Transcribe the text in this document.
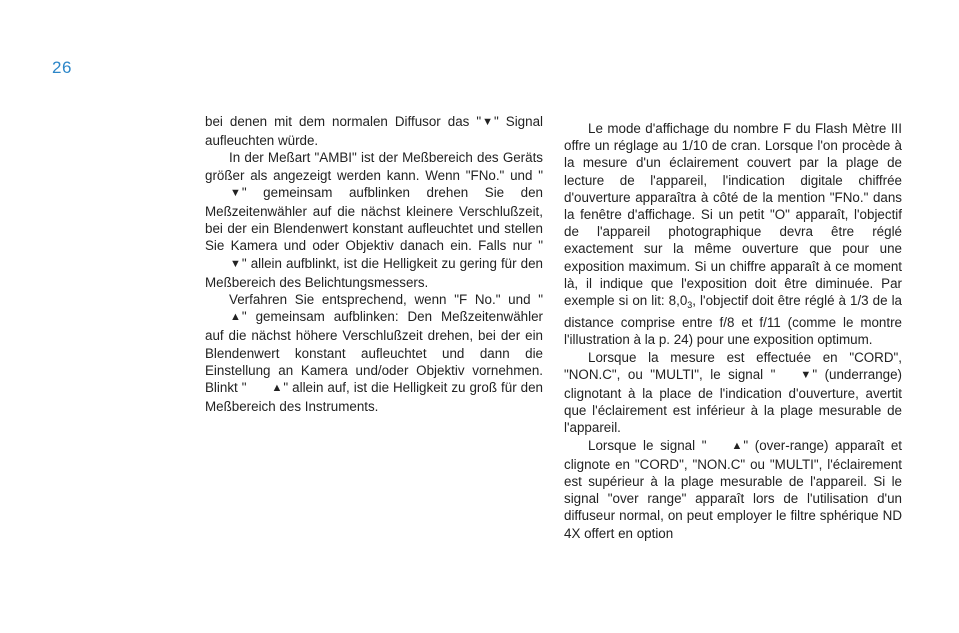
26

bei denen mit dem normalen Diffusor das "▼" Signal aufleuchten würde.

In der Meßart "AMBI" ist der Meßbereich des Geräts größer als angezeigt werden kann. Wenn "FNo." und "▼" gemeinsam aufblinken drehen Sie den Meßzeitenwähler auf die nächst kleinere Verschlußzeit, bei der ein Blendenwert konstant aufleuchtet und stellen Sie Kamera und oder Objektiv danach ein. Falls nur "▼" allein aufblinkt, ist die Helligkeit zu gering für den Meßbereich des Belichtungsmessers.

Verfahren Sie entsprechend, wenn "F No." und "▲" gemeinsam aufblinken: Den Meßzeitenwähler auf die nächst höhere Verschlußzeit drehen, bei der ein Blendenwert konstant aufleuchtet und dann die Einstellung an Kamera und/oder Objektiv vornehmen. Blinkt " ▲" allein auf, ist die Helligkeit zu groß für den Meßbereich des Instruments.

Le mode d'affichage du nombre F du Flash Mètre III offre un réglage au 1/10 de cran. Lorsque l'on procède à la mesure d'un éclairement couvert par la plage de lecture de l'appareil, l'indication digitale chiffrée d'ouverture apparaîtra à côté de la mention "FNo." dans la fenêtre d'affichage. Si un petit "O" apparaît, l'objectif de l'appareil photographique devra être réglé exactement sur la même ouverture que pour une exposition maximum. Si un chiffre apparaît à ce moment là, il indique que l'exposition doit être diminuée. Par exemple si on lit: $8,0_3$, l'objectif doit être réglé à 1/3 de la distance comprise entre f/8 et f/11 (comme le montre l'illustration à la p. 24) pour une exposition optimum.

Lorsque la mesure est effectuée en "CORD", "NON.C", ou "MULTI", le signal " ▼" (underrange) clignotant à la place de l'indication d'ouverture, avertit que l'éclairement est inférieur à la plage mesurable de l'appareil.

Lorsque le signal " ▲" (over-range) apparaît et clignote en "CORD", "NON.C" ou "MULTI", l'éclairement est supérieur à la plage mesurable de l'appareil. Si le signal "over range" apparaît lors de l'utilisation d'un diffuseur normal, on peut employer le filtre sphérique ND 4X offert en option
